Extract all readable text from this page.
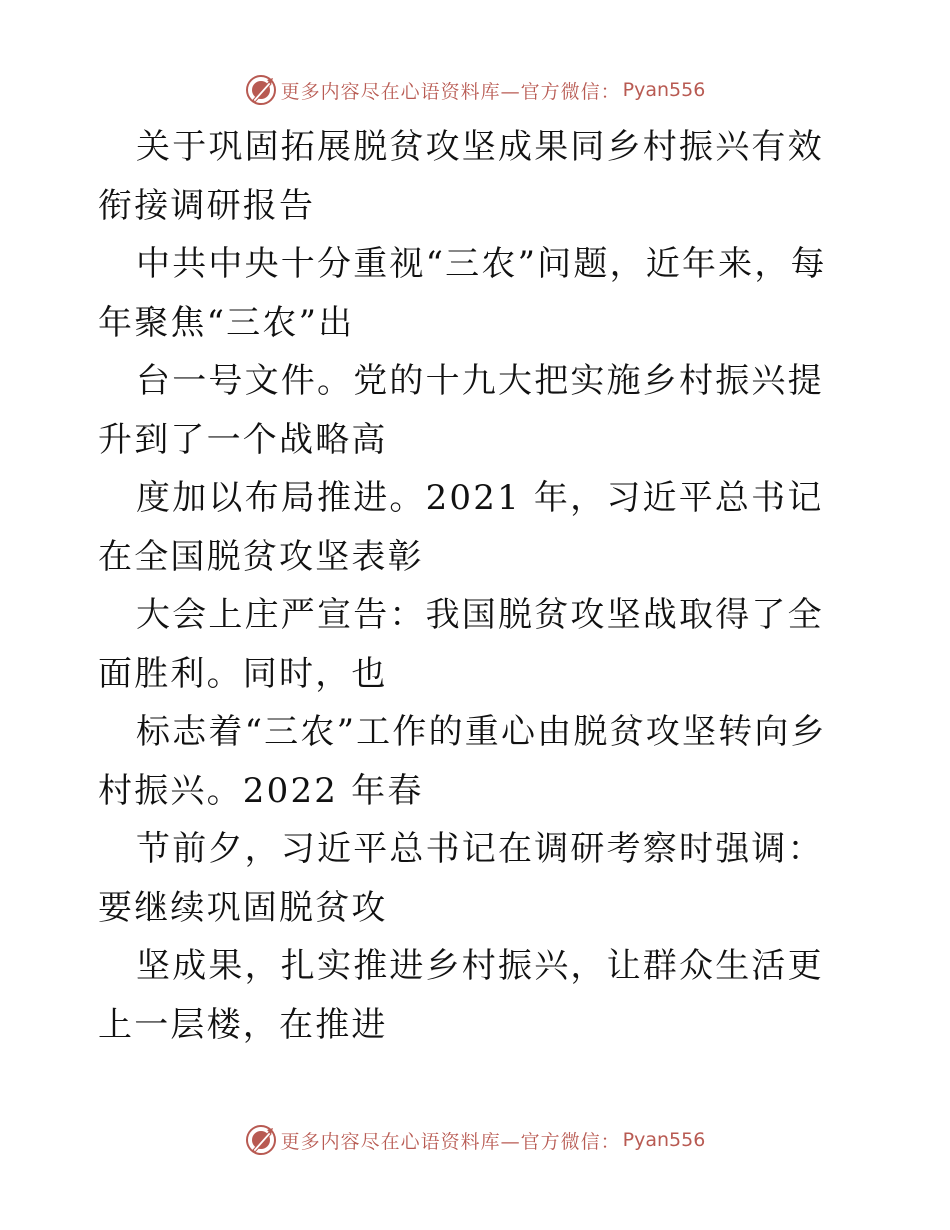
更多内容尽在心语资料库—官方微信： Pyan556

关于巩固拓展脱贫攻坚成果同乡村振兴有效衔接调研报告

中共中央十分重视“三农”问题，近年来，每年聚焦“三农”出

台一号文件。党的十九大把实施乡村振兴提升到了一个战略高

度加以布局推进。2021 年，习近平总书记在全国脱贫攻坚表彰

大会上庄严宣告：我国脱贫攻坚战取得了全面胜利。同时，也

标志着“三农”工作的重心由脱贫攻坚转向乡村振兴。2022 年春

节前夕，习近平总书记在调研考察时强调：要继续巩固脱贫攻

坚成果，扎实推进乡村振兴，让群众生活更上一层楼，在推进

更多内容尽在心语资料库—官方微信： Pyan556
